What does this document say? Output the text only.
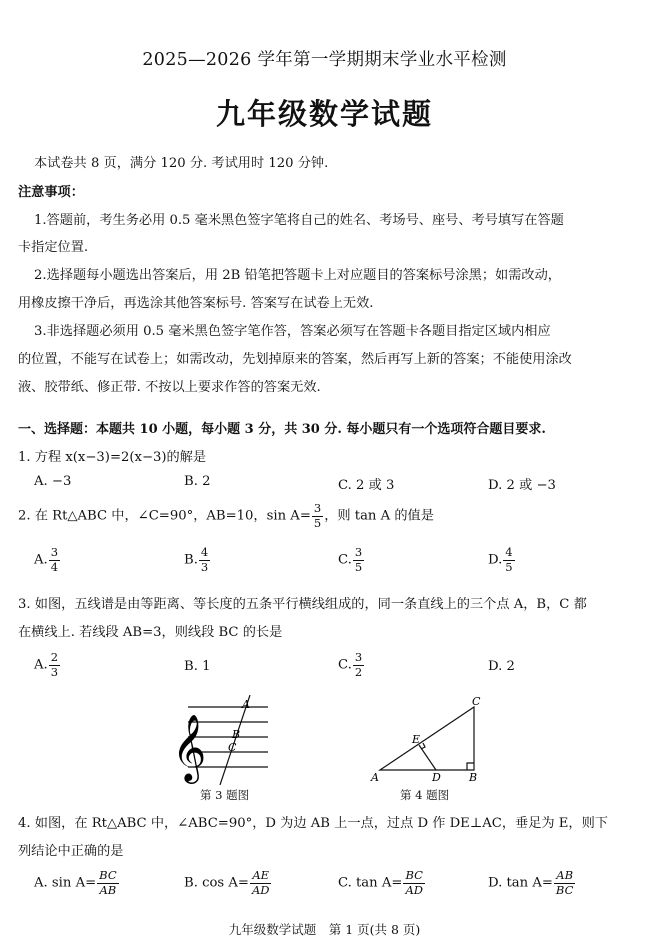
2025—2026 学年第一学期期末学业水平检测
九年级数学试题
本试卷共 8 页，满分 120 分. 考试用时 120 分钟.
注意事项：
1.答题前，考生务必用 0.5 毫米黑色签字笔将自己的姓名、考场号、座号、考号填写在答题
卡指定位置.
2.选择题每小题选出答案后，用 2B 铅笔把答题卡上对应题目的答案标号涂黑；如需改动，
用橡皮擦干净后，再选涂其他答案标号. 答案写在试卷上无效.
3.非选择题必须用 0.5 毫米黑色签字笔作答，答案必须写在答题卡各题目指定区域内相应
的位置，不能写在试卷上；如需改动，先划掉原来的答案，然后再写上新的答案；不能使用涂改
液、胶带纸、修正带. 不按以上要求作答的答案无效.
一、选择题：本题共 10 小题，每小题 3 分，共 30 分. 每小题只有一个选项符合题目要求.
1. 方程 x(x−3)=2(x−3)的解是
A. −3	B. 2	C. 2 或 3	D. 2 或 −3
2. 在 Rt△ABC 中，∠C=90°，AB=10，$\sin A= \frac{3}{5}$ ，则 tan A 的值是
A. $\frac{3}{4}$	B. $\frac{4}{3}$	C. $\frac{3}{5}$	D. $\frac{4}{5}$
3. 如图，五线谱是由等距离、等长度的五条平行横线组成的，同一条直线上的三个点 A，B，C 都
在横线上. 若线段 AB=3，则线段 BC 的长是
A. $\frac{2}{3}$	B. 1	C. $\frac{3}{2}$	D. 2
𝄞
A
B
C
第 3 题图
A	B
C
D
E
第 4 题图
4. 如图，在 Rt△ABC 中，∠ABC=90°，D 为边 AB 上一点，过点 D 作 DE⊥AC，垂足为 E，则下
列结论中正确的是
A. $\sin A= \frac{BC}{AB}$	B. $\cos A= \frac{AE}{AD}$	C. $\tan A= \frac{BC}{AD}$	D. $\tan A= \frac{AB}{BC}$
九年级数学试题　第 1 页(共 8 页)
